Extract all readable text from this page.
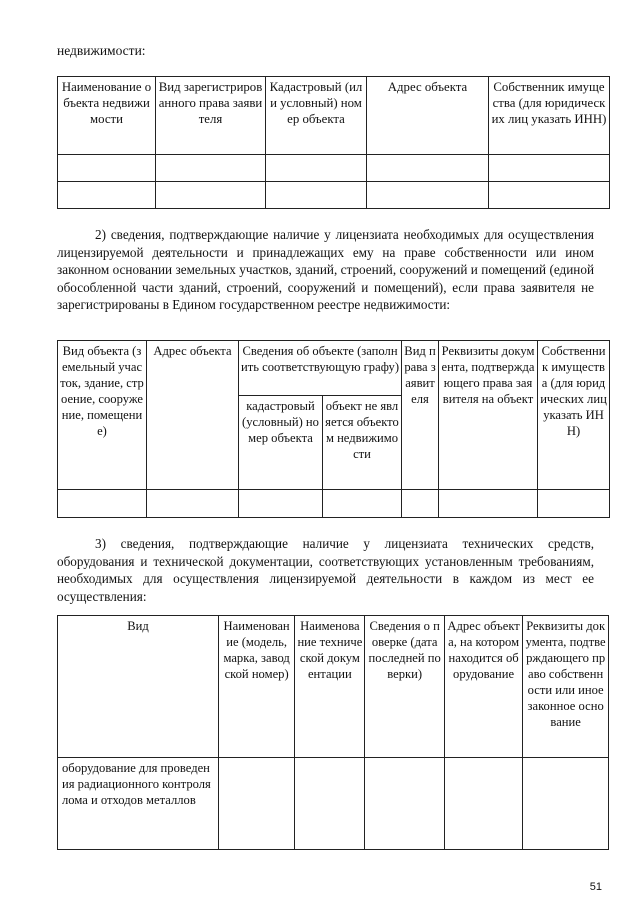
недвижимости:
Наименование объекта недвижимости	Вид зарегистрированного права заявителя	Кадастровый (или условный) номер объекта	Адрес объекта	Собственник имущества (для юридических лиц указать ИНН)

2) сведения, подтверждающие наличие у лицензиата необходимых для осуществления лицензируемой деятельности и принадлежащих ему на праве собственности или ином законном основании земельных участков, зданий, строений, сооружений и помещений (единой обособленной части зданий, строений, сооружений и помещений), если права заявителя не зарегистрированы в Едином государственном реестре недвижимости:
Вид объекта (земельный участок, здание, строение, сооружение, помещение)	Адрес объекта	Сведения об объекте (заполнить соответствующую графу)		Вид права заявителя	Реквизиты документа, подтверждающего права заявителя на объект	Собственник имущества (для юридических лиц указать ИНН)
		кадастровый (условный) номер объекта	объект не является объектом недвижимости			

3) сведения, подтверждающие наличие у лицензиата технических средств, оборудования и технической документации, соответствующих установленным требованиям, необходимых для осуществления лицензируемой деятельности в каждом из мест ее осуществления:
Вид	Наименование (модель, марка, заводской номер)	Наименование технической документации	Сведения о поверке (дата последней поверки)	Адрес объекта, на котором находится оборудование	Реквизиты документа, подтверждающего право собственности или иное законное основание
оборудование для проведения радиационного контроля лома и отходов металлов					
51
